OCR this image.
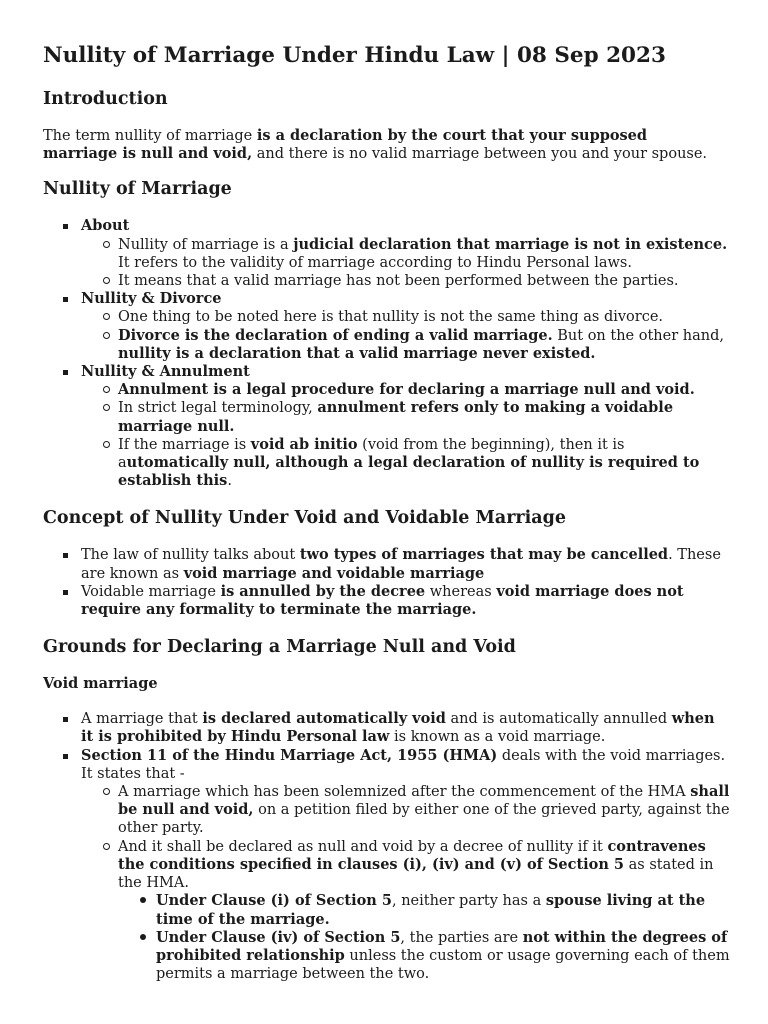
Nullity of Marriage Under Hindu Law | 08 Sep 2023
Introduction

The term nullity of marriage is a declaration by the court that your supposed marriage is null and void, and there is no valid marriage between you and your spouse.

Nullity of Marriage
About
Nullity of marriage is a judicial declaration that marriage is not in existence. It refers to the validity of marriage according to Hindu Personal laws.
It means that a valid marriage has not been performed between the parties.
Nullity & Divorce
One thing to be noted here is that nullity is not the same thing as divorce.
Divorce is the declaration of ending a valid marriage. But on the other hand, nullity is a declaration that a valid marriage never existed.
Nullity & Annulment
Annulment is a legal procedure for declaring a marriage null and void.
In strict legal terminology, annulment refers only to making a voidable marriage null.
If the marriage is void ab initio (void from the beginning), then it is automatically null, although a legal declaration of nullity is required to establish this.
Concept of Nullity Under Void and Voidable Marriage
The law of nullity talks about two types of marriages that may be cancelled. These are known as void marriage and voidable marriage
Voidable marriage is annulled by the decree whereas void marriage does not require any formality to terminate the marriage.
Grounds for Declaring a Marriage Null and Void
Void marriage
A marriage that is declared automatically void and is automatically annulled when it is prohibited by Hindu Personal law is known as a void marriage.
Section 11 of the Hindu Marriage Act, 1955 (HMA) deals with the void marriages. It states that -
A marriage which has been solemnized after the commencement of the HMA shall be null and void, on a petition filed by either one of the grieved party, against the other party.
And it shall be declared as null and void by a decree of nullity if it contravenes the conditions specified in clauses (i), (iv) and (v) of Section 5 as stated in the HMA.
Under Clause (i) of Section 5, neither party has a spouse living at the time of the marriage.
Under Clause (iv) of Section 5, the parties are not within the degrees of prohibited relationship unless the custom or usage governing each of them permits a marriage between the two.
